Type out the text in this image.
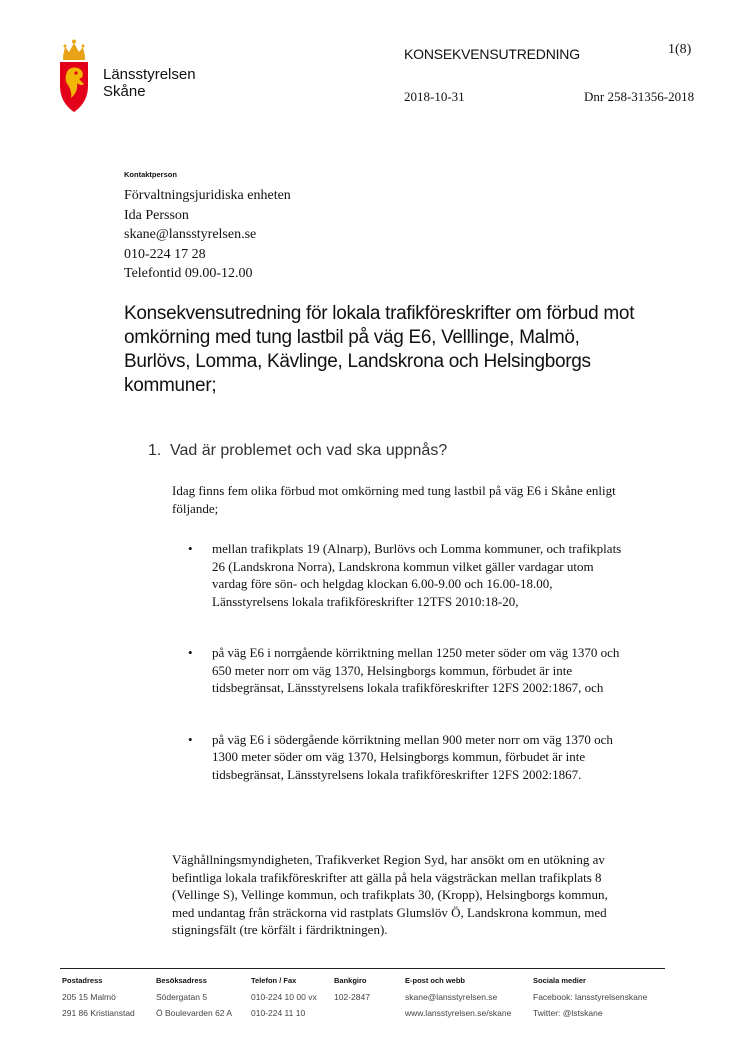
Länsstyrelsen
Skåne
KONSEKVENSUTREDNING	1(8)
2018-10-31	Dnr 258-31356-2018
Kontaktperson
Förvaltningsjuridiska enheten
Ida Persson
skane@lansstyrelsen.se
010-224 17 28
Telefontid 09.00-12.00
Konsekvensutredning för lokala trafikföreskrifter om förbud mot omkörning med tung lastbil på väg E6, Velllinge, Malmö, Burlövs, Lomma, Kävlinge, Landskrona och Helsingborgs kommuner;
1. Vad är problemet och vad ska uppnås?

Idag finns fem olika förbud mot omkörning med tung lastbil på väg E6 i Skåne enligt följande;

• mellan trafikplats 19 (Alnarp), Burlövs och Lomma kommuner, och trafikplats 26 (Landskrona Norra), Landskrona kommun vilket gäller vardagar utom vardag före sön- och helgdag klockan 6.00-9.00 och 16.00-18.00, Länsstyrelsens lokala trafikföreskrifter 12TFS 2010:18-20,
• på väg E6 i norrgående körriktning mellan 1250 meter söder om väg 1370 och 650 meter norr om väg 1370, Helsingborgs kommun, förbudet är inte tidsbegränsat, Länsstyrelsens lokala trafikföreskrifter 12FS 2002:1867, och
• på väg E6 i södergående körriktning mellan 900 meter norr om väg 1370 och 1300 meter söder om väg 1370, Helsingborgs kommun, förbudet är inte tidsbegränsat, Länsstyrelsens lokala trafikföreskrifter 12FS 2002:1867.

Väghållningsmyndigheten, Trafikverket Region Syd, har ansökt om en utökning av befintliga lokala trafikföreskrifter att gälla på hela vägsträckan mellan trafikplats 8 (Vellinge S), Vellinge kommun, och trafikplats 30, (Kropp), Helsingborgs kommun, med undantag från sträckorna vid rastplats Glumslöv Ö, Landskrona kommun, med stigningsfält (tre körfält i färdriktningen).

Postadress
205 15 Malmö
291 86 Kristianstad
Besöksadress
Södergatan 5
Ö Boulevarden 62 A
Telefon / Fax
010-224 10 00 vx
010-224 11 10
Bankgiro
102-2847
E-post och webb
skane@lansstyrelsen.se
www.lansstyrelsen.se/skane
Sociala medier
Facebook: lansstyrelsenskane
Twitter: @lstskane
